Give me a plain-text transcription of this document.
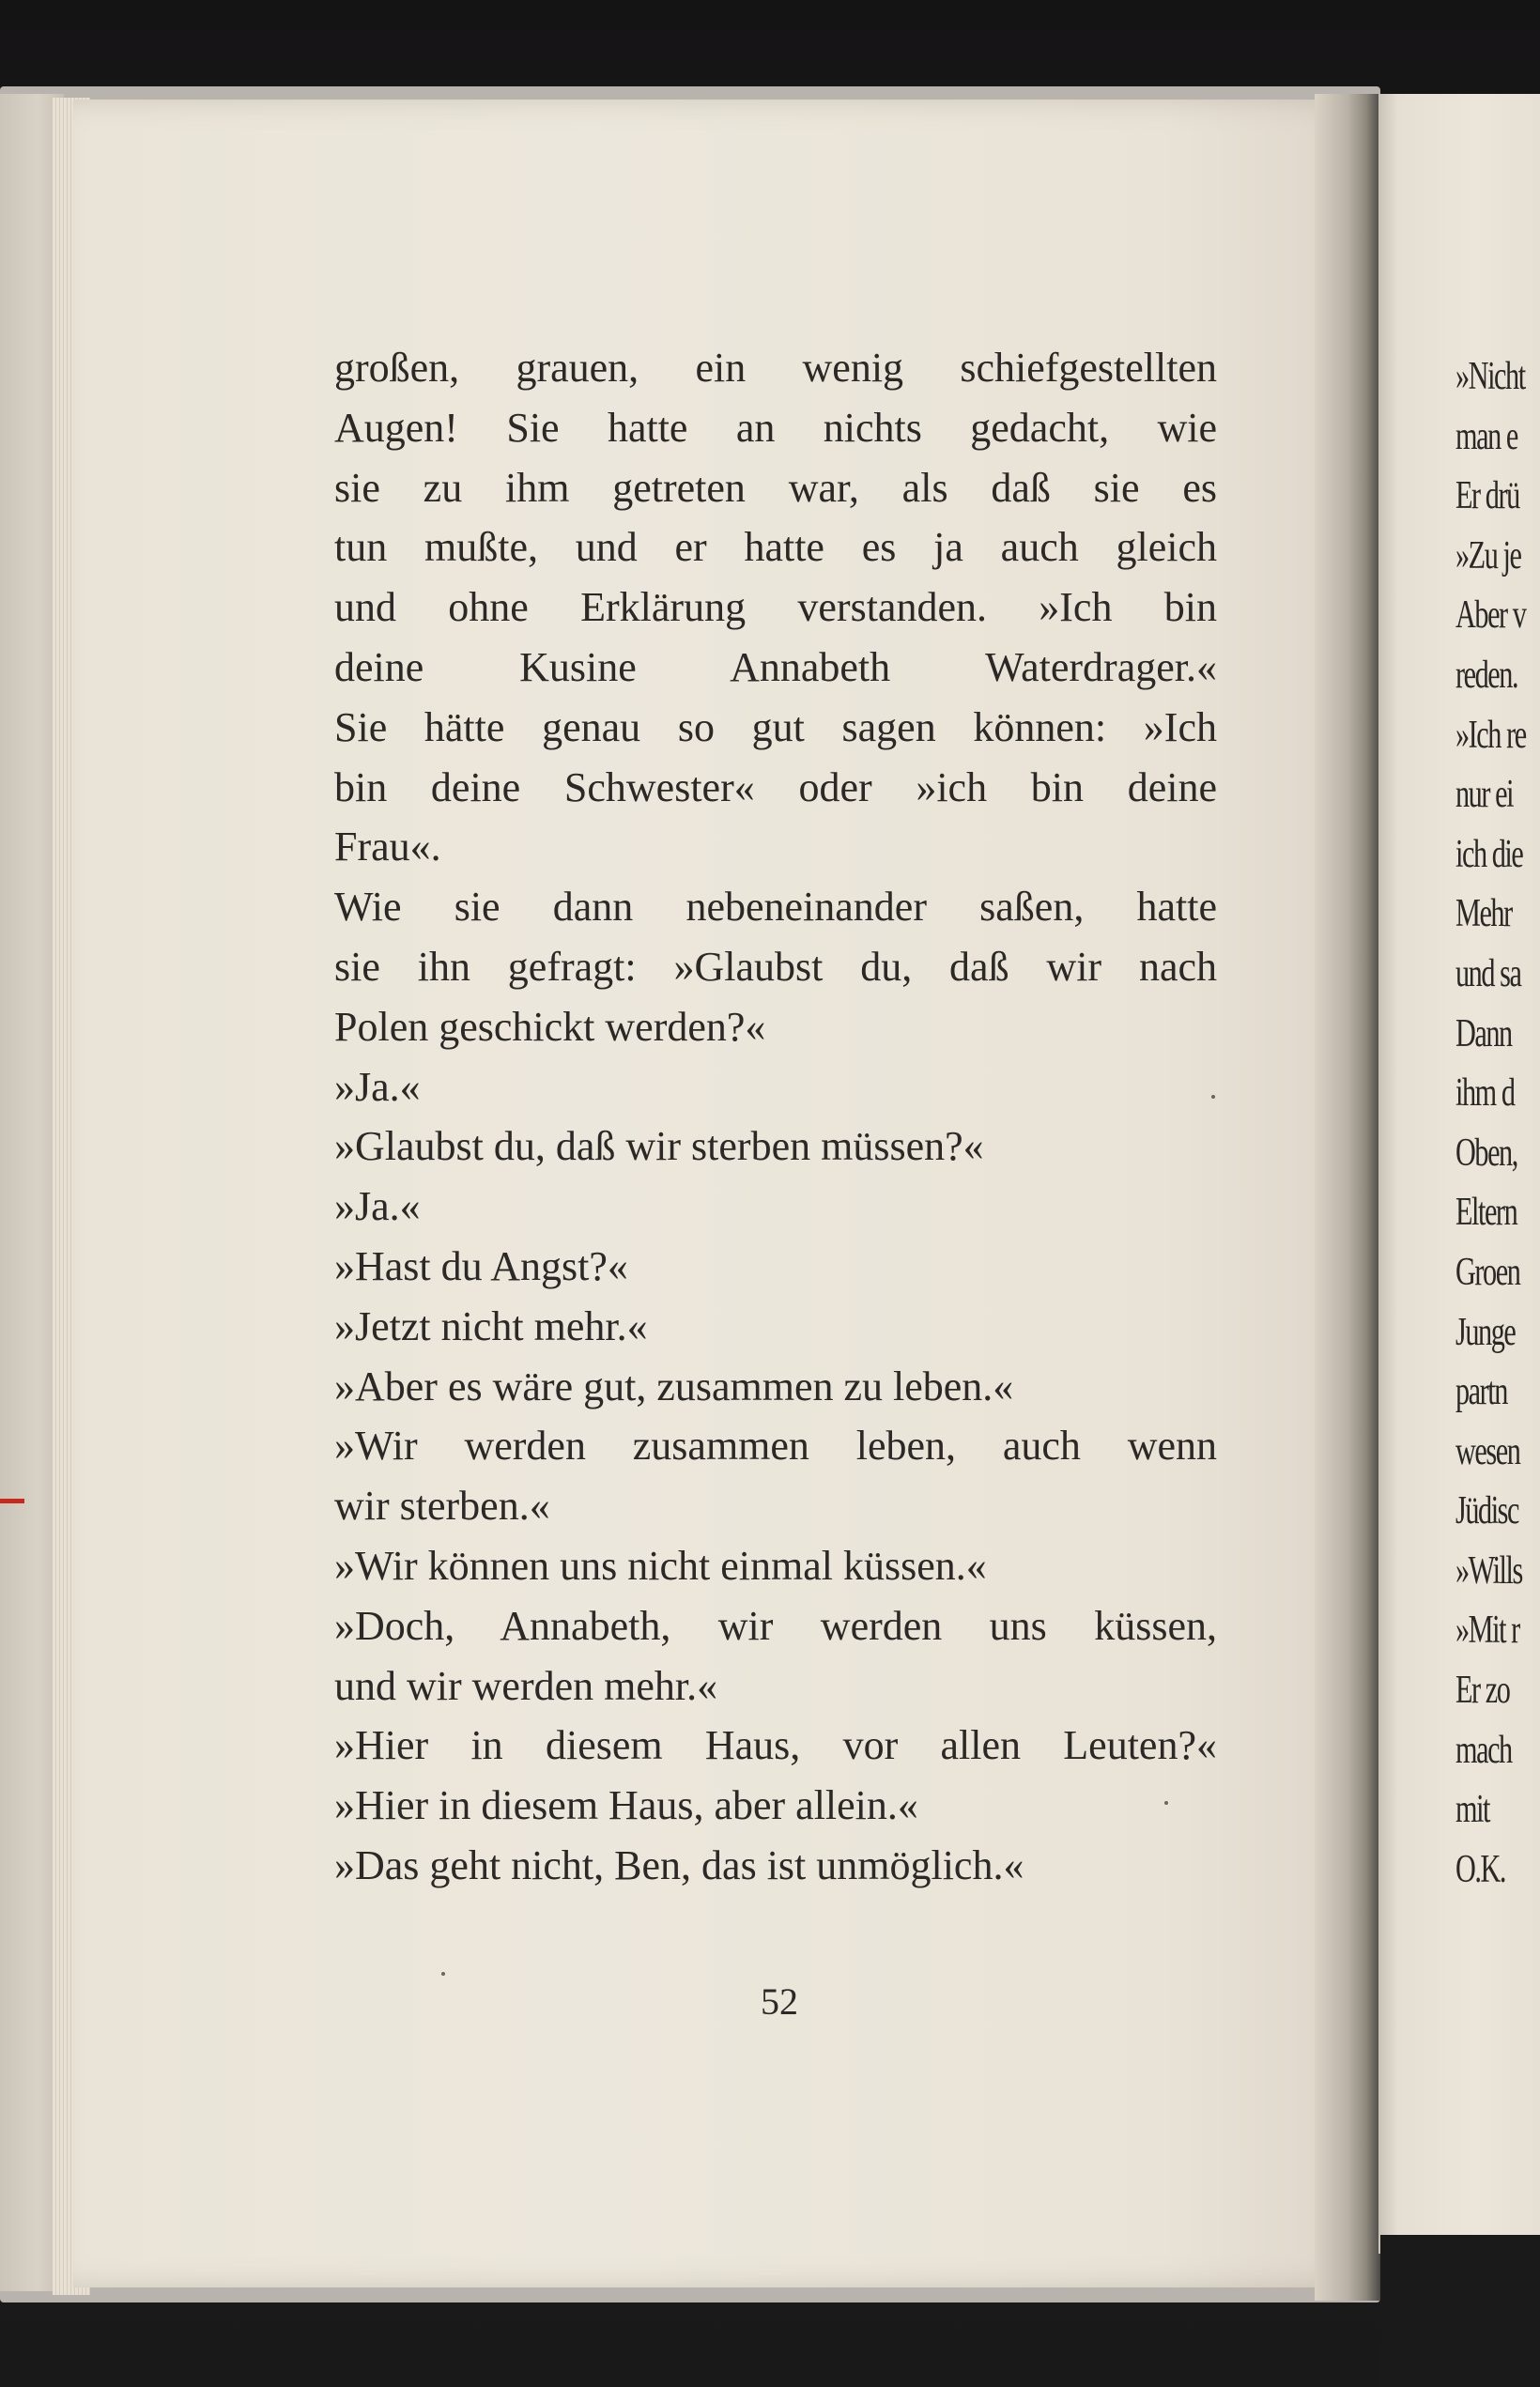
»Nicht
man e
Er drü
»Zu je
Aber v
reden.
»Ich re
nur ei
ich die
Mehr
und sa
Dann
ihm d
Oben,
Eltern
Groen
Junge
partn
wesen
Jüdisc
»Wills
»Mit r
Er zo
mach
mit
O.K.
großen, grauen, ein wenig schiefgestellten
Augen! Sie hatte an nichts gedacht, wie
sie zu ihm getreten war, als daß sie es
tun mußte, und er hatte es ja auch gleich
und ohne Erklärung verstanden. »Ich bin
deine Kusine Annabeth Waterdrager.«
Sie hätte genau so gut sagen können: »Ich
bin deine Schwester« oder »ich bin deine
Frau«.
Wie sie dann nebeneinander saßen, hatte
sie ihn gefragt: »Glaubst du, daß wir nach
Polen geschickt werden?«
»Ja.«
»Glaubst du, daß wir sterben müssen?«
»Ja.«
»Hast du Angst?«
»Jetzt nicht mehr.«
»Aber es wäre gut, zusammen zu leben.«
»Wir werden zusammen leben, auch wenn
wir sterben.«
»Wir können uns nicht einmal küssen.«
»Doch, Annabeth, wir werden uns küssen,
und wir werden mehr.«
»Hier in diesem Haus, vor allen Leuten?«
»Hier in diesem Haus, aber allein.«
»Das geht nicht, Ben, das ist unmöglich.«
52
